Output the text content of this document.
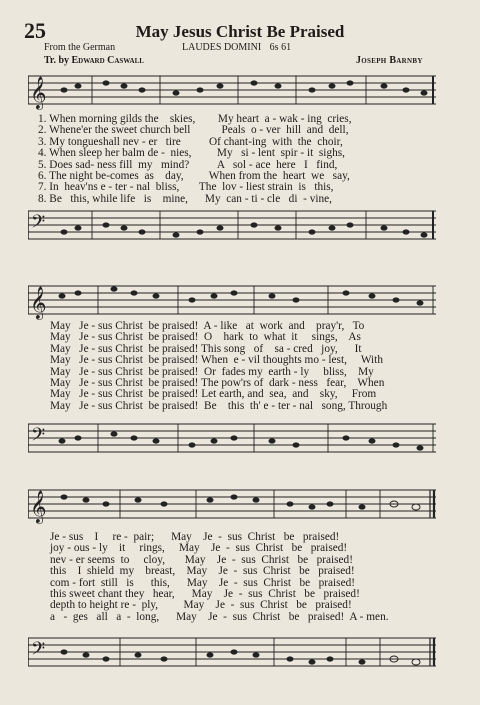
25	May Jesus Christ Be Praised
From the German	LAUDES DOMINI 6s 61
Tr. by Edward Caswall	Joseph Barnby
𝄞
1. When morning gilds the    skies,        My heart  a - wak - ing  cries,
2. Whene'er the sweet church bell           Peals  o - ver  hill  and  dell,
3. My tongueshall nev - er   tire          Of chant-ing  with  the  choir,
4. When sleep her balm de -  nies,         My   si - lent  spir - it  sighs,
5. Does sad- ness fill  my   mind?          A   sol - ace  here   I   find,
6. The night be-comes  as    day,         When from the  heart  we   say,
7. In  heav'ns e - ter - nal  bliss,       The  lov - liest strain  is   this,
8. Be   this, while life   is    mine,      My  can - ti - cle   di  - vine,
𝄢
𝄞
May   Je - sus Christ  be praised!  A - like   at  work  and    pray'r,   To
May   Je - sus Christ  be praised!  O    hark  to  what  it     sings,    As
May   Je - sus Christ  be praised! This song   of    sa - cred   joy,      It
May   Je - sus Christ  be praised! When  e - vil thoughts mo - lest,     With
May   Je - sus Christ  be praised!  Or  fades my  earth - ly     bliss,    My
May   Je - sus Christ  be praised! The pow'rs of  dark - ness   fear,    When
May   Je - sus Christ  be praised! Let earth, and  sea,  and    sky,     From
May   Je - sus Christ  be praised!  Be    this  th' e - ter - nal   song, Through
𝄢
𝄞
Je - sus    I     re -  pair;      May    Je  -  sus  Christ   be   praised!
joy - ous - ly    it     rings,     May    Je  -  sus  Christ   be   praised!
nev - er seems  to     cloy,       May    Je  -  sus  Christ   be   praised!
this    I  shield  my    breast,    May    Je  -  sus  Christ   be   praised!
com - fort  still   is      this,      May    Je  -  sus  Christ   be   praised!
this sweet chant they   hear,      May    Je  -  sus  Christ   be   praised!
depth to height re -  ply,         May    Je  -  sus  Christ   be   praised!
a   -  ges   all   a  -  long,      May    Je  -  sus  Christ   be   praised!  A - men.
𝄢
